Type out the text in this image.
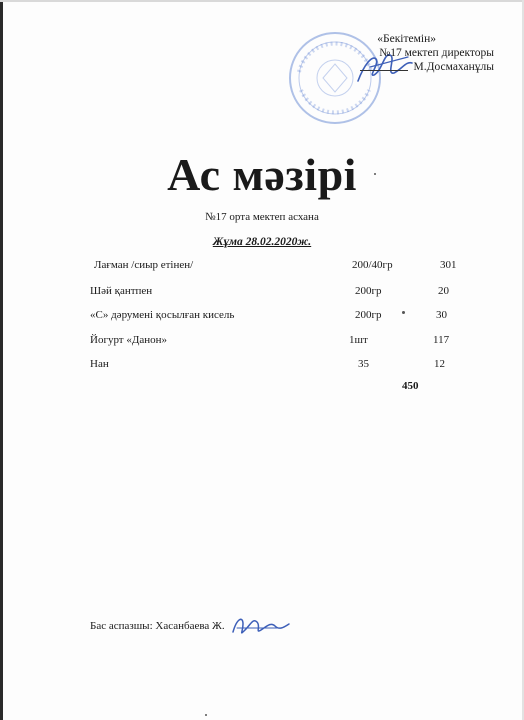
«Бекітемін»
№17 мектеп директоры
М.Досмаханұлы
Ас мәзірі
№17 орта мектеп асхана
Жұма 28.02.2020ж.
Лағман /сиыр етінен/	200/40гр	301
Шәй қантпен	200гр	20
«С» дәрумені қосылған кисель	200гр	30
Йогурт «Данон»	1шт	117
Нан	35	12
450
Бас аспазшы: Хасанбаева Ж.
